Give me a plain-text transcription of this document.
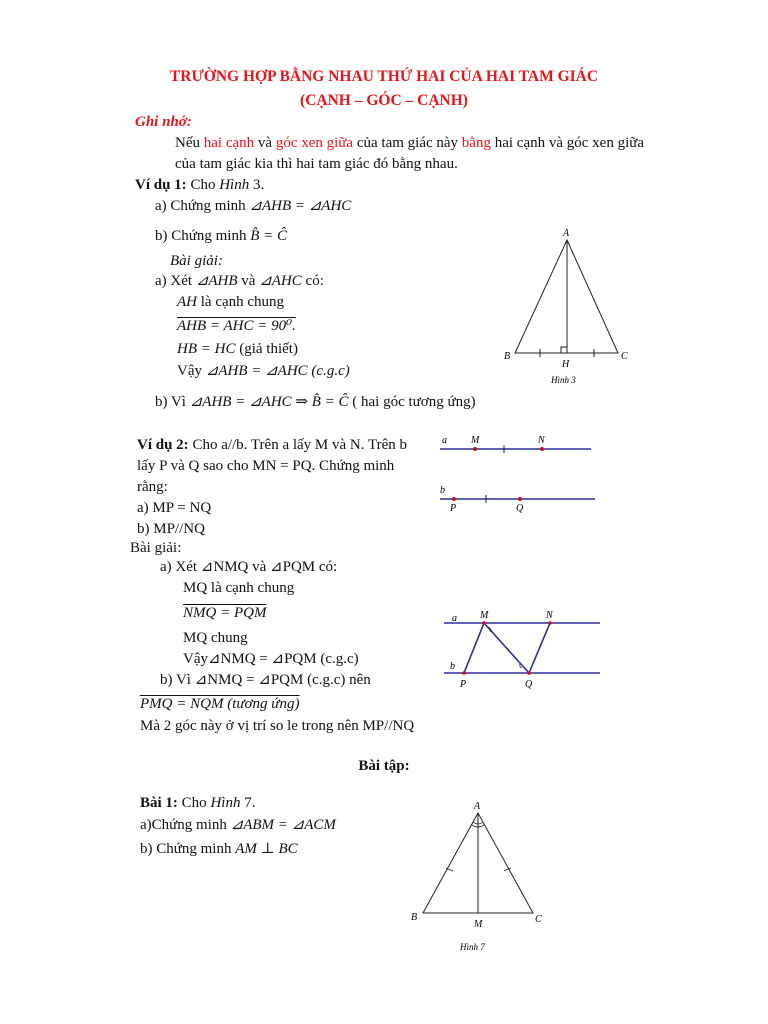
TRƯỜNG HỢP BẰNG NHAU THỨ HAI CỦA HAI TAM GIÁC
(CẠNH – GÓC – CẠNH)
Ghi nhớ:
Nếu hai cạnh và góc xen giữa của tam giác này bằng hai cạnh và góc xen giữa
của tam giác kia thì hai tam giác đó bằng nhau.
Ví dụ 1: Cho Hình 3.
a) Chứng minh ⊿AHB = ⊿AHC
b) Chứng minh B̂ = Ĉ
Bài giải:
a) Xét ⊿AHB và ⊿AHC có:
AH là cạnh chung
AHB = AHC = 90⁰.
HB = HC (giả thiết)
Vậy ⊿AHB = ⊿AHC (c.g.c)
b) Vì ⊿AHB = ⊿AHC ⇒ B̂ = Ĉ ( hai góc tương ứng)
A
B	C
H
Hình 3
Ví dụ 2: Cho a//b. Trên a lấy M và N. Trên b
lấy P và Q sao cho MN = PQ. Chứng minh
rằng:
a) MP = NQ
b) MP//NQ
Bài giải:
a) Xét ⊿NMQ và ⊿PQM có:
MQ là cạnh chung
NMQ = PQM
MQ chung
Vậy⊿NMQ = ⊿PQM (c.g.c)
b) Vì ⊿NMQ = ⊿PQM (c.g.c) nên
PMQ = NQM (tương ứng)
Mà 2 góc này ở vị trí so le trong nên MP//NQ
a M	N
b
P	Q
a M	N
b
P	Q
Bài tập:
Bài 1: Cho Hình 7.
a)Chứng minh ⊿ABM = ⊿ACM
b) Chứng minh AM ⊥ BC
A
B	C
M
Hình 7
